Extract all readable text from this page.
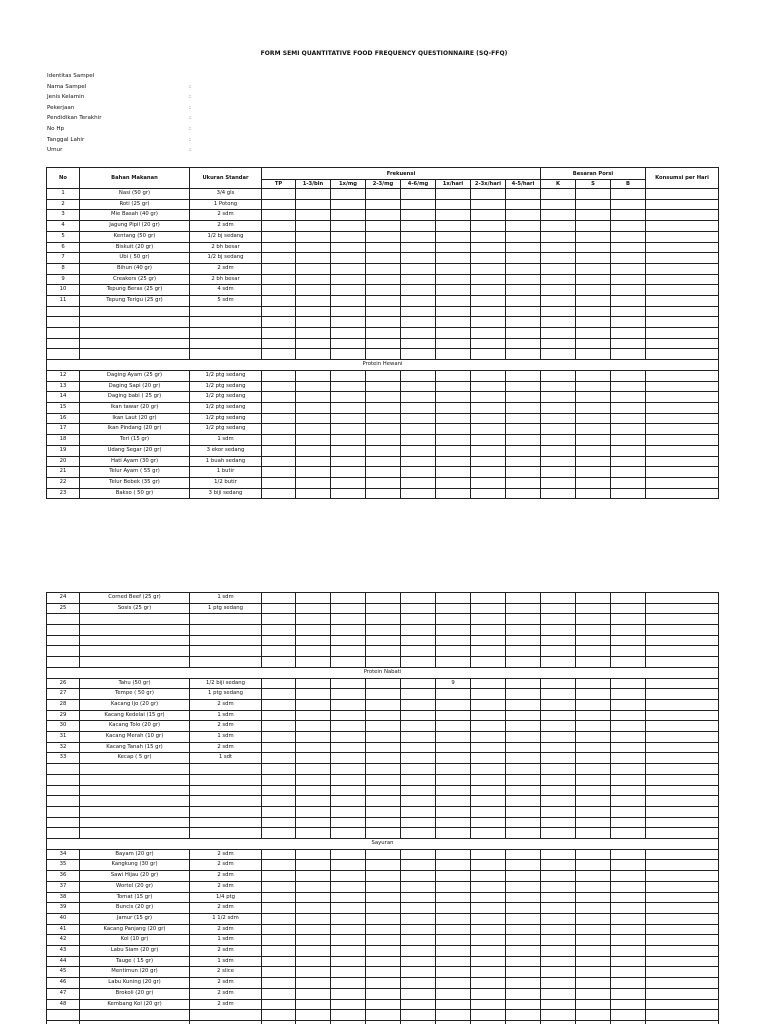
FORM SEMI QUANTITATIVE FOOD FREQUENCY QUESTIONNAIRE (SQ-FFQ)
Identitas Sampel
Nama Sampel	:
Jenis Kelamin	:
Pekerjaan	:
Pendidikan Terakhir	:
No Hp	:
Tanggal Lahir	:
Umur	:
No	Bahan Makanan	Ukuran Standar	Frekuensi								Besaran Porsi			Konsumsi per Hari
			TP	1-3/bln	1x/mg	2-3/mg	4-6/mg	1x/hari	2-3x/hari	4-5/hari	K	S	B	
1	Nasi (50 gr)	3/4 gls												
2	Roti (25 gr)	1 Potong												
3	Mie Basah (40 gr)	2 sdm												
4	Jagung Pipil (20 gr)	2 sdm												
5	Kentang (50 gr)	1/2 bj sedang												
6	Biskuit (20 gr)	2 bh besar												
7	Ubi ( 50 gr)	1/2 bj sedang												
8	Bihun (40 gr)	2 sdm												
9	Creakers (25 gr)	2 bh besar												
10	Tepung Beras (25 gr)	4 sdm												
11	Tepung Terigu (25 gr)	5 sdm												

Protein Hewani														
12	Daging Ayam (25 gr)	1/2 ptg sedang												
13	Daging Sapi (20 gr)	1/2 ptg sedang												
14	Daging babi ( 25 gr)	1/2 ptg sedang												
15	Ikan tawar (20 gr)	1/2 ptg sedang												
16	Ikan Laut (20 gr)	1/2 ptg sedang												
17	Ikan Pindang (20 gr)	1/2 ptg sedang												
18	Teri (15 gr)	1 sdm												
19	Udang Segar (20 gr)	3 ekor sedang												
20	Hati Ayam (30 gr)	1 buah sedang												
21	Telur Ayam ( 55 gr)	1 butir												
22	Telur Bebek (35 gr)	1/2 butir												
23	Bakso ( 50 gr)	3 biji sedang												
24	Corned Beef (25 gr)	1 sdm												
25	Sosis (25 gr)	1 ptg sedang												

Protein Nabati														
26	Tahu (50 gr)	1/2 biji sedang						9						
27	Tempe ( 50 gr)	1 ptg sedang												
28	Kacang Ijo (20 gr)	2 sdm												
29	Kacang Kedelai (15 gr)	1 sdm												
30	Kacang Tolo (20 gr)	2 sdm												
31	Kacang Merah (10 gr)	1 sdm												
32	Kacang Tanah (15 gr)	2 sdm												
33	Kecap ( 5 gr)	1 sdt												

Sayuran														
34	Bayam (20 gr)	2 sdm												
35	Kangkung (30 gr)	2 sdm												
36	Sawi Hijau (20 gr)	2 sdm												
37	Wortel (20 gr)	2 sdm												
38	Tomat (15 gr)	1/4 ptg												
39	Buncis (20 gr)	2 sdm												
40	Jamur (15 gr)	1 1/2 sdm												
41	Kacang Panjang (20 gr)	2 sdm												
42	Kol (10 gr)	1 sdm												
43	Labu Siam (20 gr)	2 sdm												
44	Tauge ( 15 gr)	1 sdm												
45	Mentimun (20 gr)	2 slice												
46	Labu Kuning (20 gr)	2 sdm												
47	Brokoli (20 gr)	2 sdm												
48	Kembang Kol (20 gr)	2 sdm												
